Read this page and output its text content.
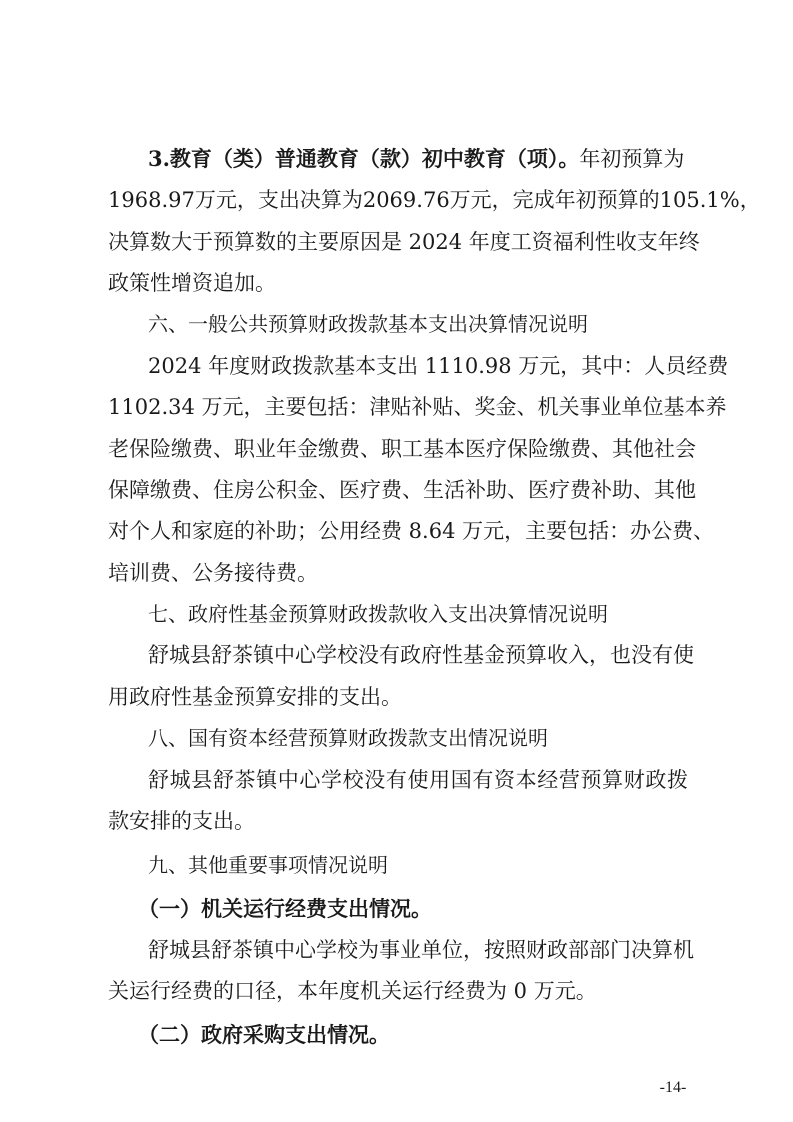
3.教育（类）普通教育（款）初中教育（项）。年初预算为
1968.97万元，支出决算为2069.76万元，完成年初预算的105.1%，
决算数大于预算数的主要原因是 2024 年度工资福利性收支年终
政策性增资追加。
六、一般公共预算财政拨款基本支出决算情况说明
2024 年度财政拨款基本支出 1110.98 万元，其中：人员经费
1102.34 万元，主要包括：津贴补贴、奖金、机关事业单位基本养
老保险缴费、职业年金缴费、职工基本医疗保险缴费、其他社会
保障缴费、住房公积金、医疗费、生活补助、医疗费补助、其他
对个人和家庭的补助；公用经费 8.64 万元，主要包括：办公费、
培训费、公务接待费。
七、政府性基金预算财政拨款收入支出决算情况说明
舒城县舒茶镇中心学校没有政府性基金预算收入，也没有使
用政府性基金预算安排的支出。
八、国有资本经营预算财政拨款支出情况说明
舒城县舒茶镇中心学校没有使用国有资本经营预算财政拨
款安排的支出。
九、其他重要事项情况说明
（一）机关运行经费支出情况。
舒城县舒茶镇中心学校为事业单位，按照财政部部门决算机
关运行经费的口径，本年度机关运行经费为 0 万元。
（二）政府采购支出情况。
-14-
